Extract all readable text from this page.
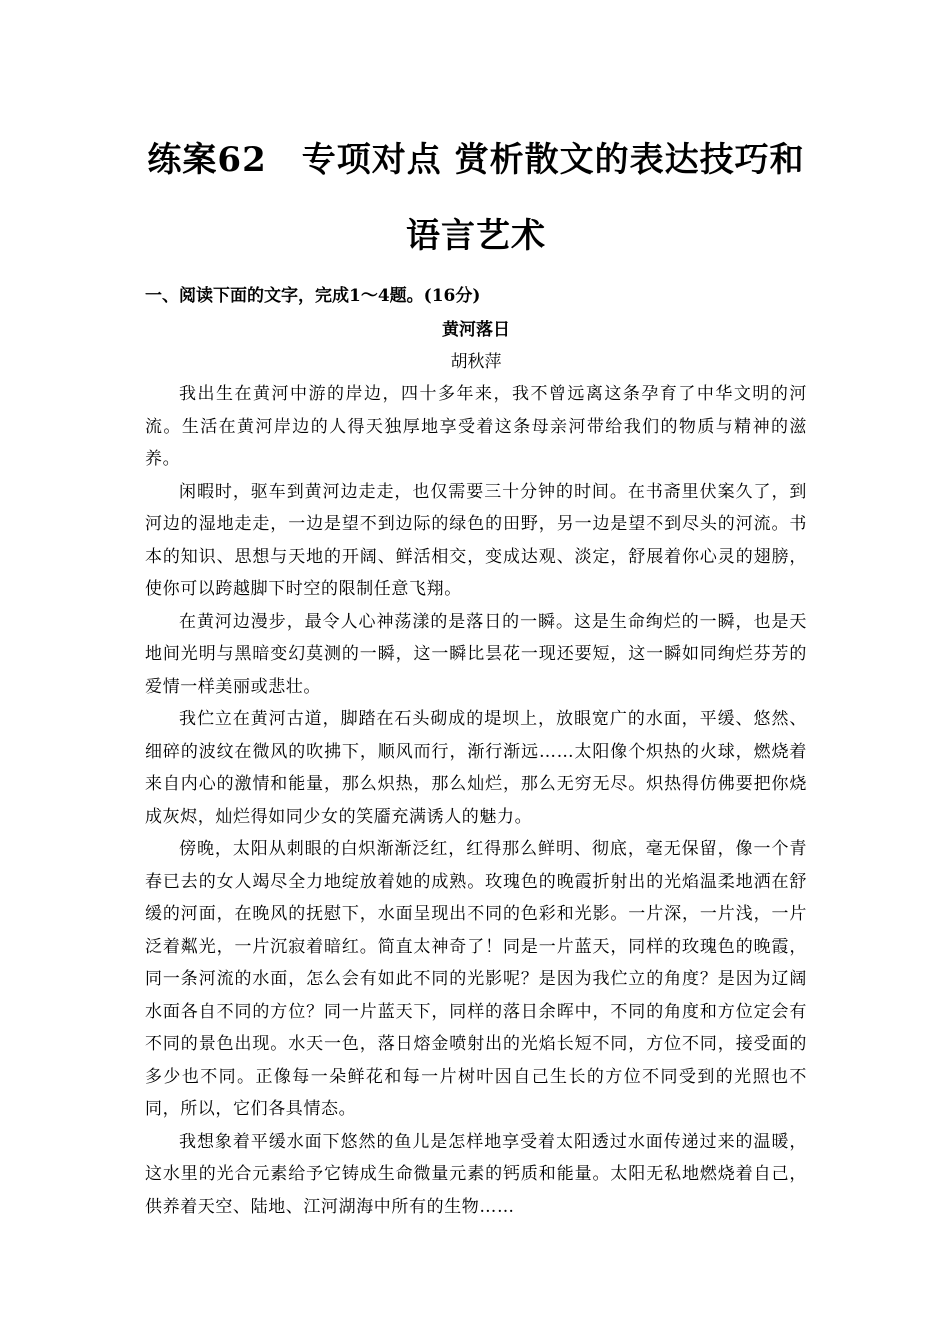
练案62　专项对点 赏析散文的表达技巧和
语言艺术
一、阅读下面的文字，完成1～4题。(16分)
黄河落日
胡秋萍

我出生在黄河中游的岸边，四十多年来，我不曾远离这条孕育了中华文明的河流。生活在黄河岸边的人得天独厚地享受着这条母亲河带给我们的物质与精神的滋养。

闲暇时，驱车到黄河边走走，也仅需要三十分钟的时间。在书斋里伏案久了，到河边的湿地走走，一边是望不到边际的绿色的田野，另一边是望不到尽头的河流。书本的知识、思想与天地的开阔、鲜活相交，变成达观、淡定，舒展着你心灵的翅膀，使你可以跨越脚下时空的限制任意飞翔。

在黄河边漫步，最令人心神荡漾的是落日的一瞬。这是生命绚烂的一瞬，也是天地间光明与黑暗变幻莫测的一瞬，这一瞬比昙花一现还要短，这一瞬如同绚烂芬芳的爱情一样美丽或悲壮。

我伫立在黄河古道，脚踏在石头砌成的堤坝上，放眼宽广的水面，平缓、悠然、细碎的波纹在微风的吹拂下，顺风而行，渐行渐远……太阳像个炽热的火球，燃烧着来自内心的激情和能量，那么炽热，那么灿烂，那么无穷无尽。炽热得仿佛要把你烧成灰烬，灿烂得如同少女的笑靥充满诱人的魅力。

傍晚，太阳从刺眼的白炽渐渐泛红，红得那么鲜明、彻底，毫无保留，像一个青春已去的女人竭尽全力地绽放着她的成熟。玫瑰色的晚霞折射出的光焰温柔地洒在舒缓的河面，在晚风的抚慰下，水面呈现出不同的色彩和光影。一片深，一片浅，一片泛着粼光，一片沉寂着暗红。简直太神奇了！同是一片蓝天，同样的玫瑰色的晚霞，同一条河流的水面，怎么会有如此不同的光影呢？是因为我伫立的角度？是因为辽阔水面各自不同的方位？同一片蓝天下，同样的落日余晖中，不同的角度和方位定会有不同的景色出现。水天一色，落日熔金喷射出的光焰长短不同，方位不同，接受面的多少也不同。正像每一朵鲜花和每一片树叶因自己生长的方位不同受到的光照也不同，所以，它们各具情态。

我想象着平缓水面下悠然的鱼儿是怎样地享受着太阳透过水面传递过来的温暖，这水里的光合元素给予它铸成生命微量元素的钙质和能量。太阳无私地燃烧着自己，供养着天空、陆地、江河湖海中所有的生物……
